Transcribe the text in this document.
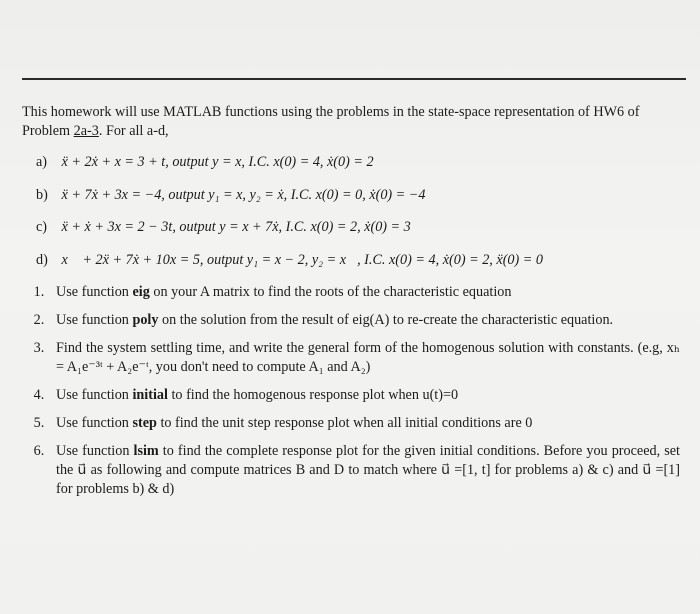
This homework will use MATLAB functions using the problems in the state-space representation of HW6 of Problem 2a-3. For all a-d,

a) ẍ + 2ẋ + x = 3 + t, output y = x, I.C. x(0) = 4, ẋ(0) = 2
b) ẍ + 7ẋ + 3x = −4, output y₁ = x, y₂ = ẋ, I.C. x(0) = 0, ẋ(0) = −4
c) ẍ + ẋ + 3x = 2 − 3t, output y = x + 7ẋ, I.C. x(0) = 2, ẋ(0) = 3
d) x⃛ + 2ẍ + 7ẋ + 10x = 5, output y₁ = x − 2, y₂ = x⃛, I.C. x(0) = 4, ẋ(0) = 2, ẍ(0) = 0
1. Use function eig on your A matrix to find the roots of the characteristic equation
2. Use function poly on the solution from the result of eig(A) to re-create the characteristic equation.
3. Find the system settling time, and write the general form of the homogenous solution with constants. (e.g, xₕ = A₁e⁻³ᵗ + A₂e⁻ᵗ, you don't need to compute A₁ and A₂)
4. Use function initial to find the homogenous response plot when u(t)=0
5. Use function step to find the unit step response plot when all initial conditions are 0
6. Use function lsim to find the complete response plot for the given initial conditions. Before you proceed, set the u⃗ as following and compute matrices B and D to match where u⃗ =[1, t] for problems a) & c) and u⃗ =[1] for problems b) & d)
